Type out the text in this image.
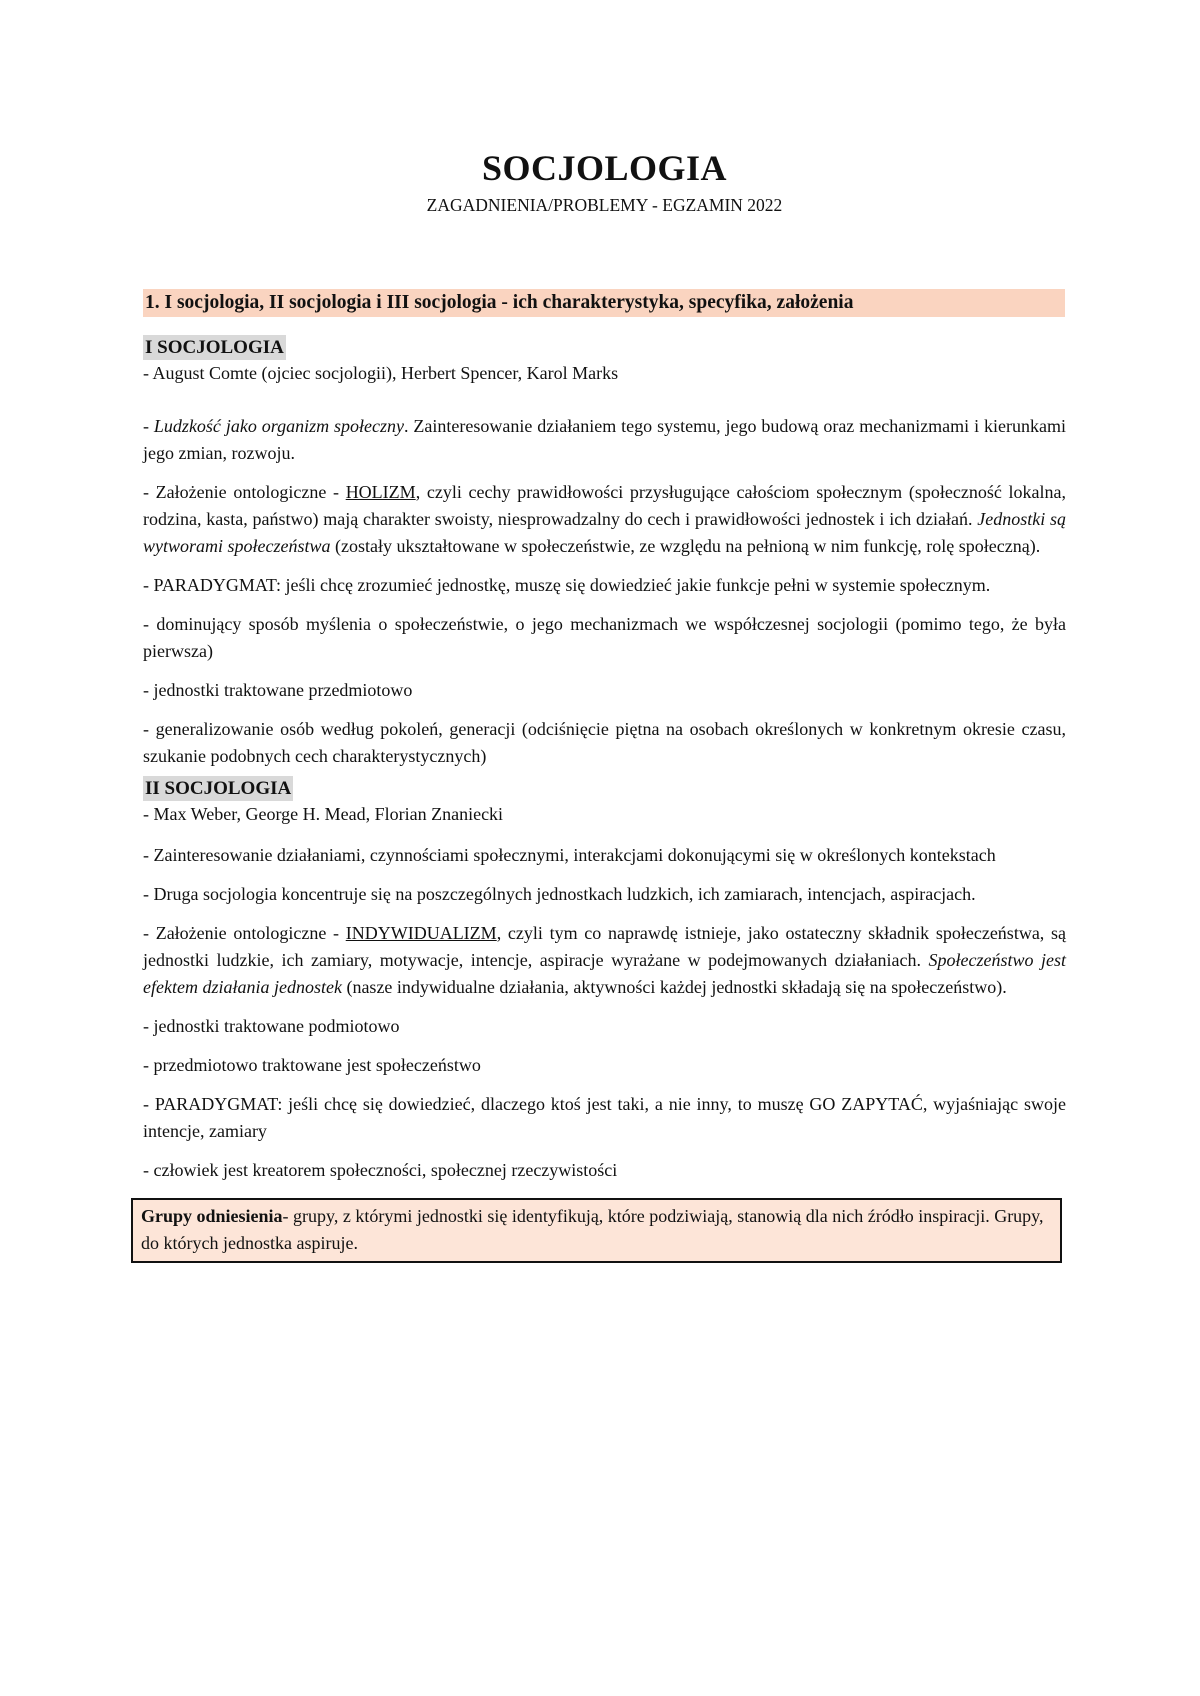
SOCJOLOGIA
ZAGADNIENIA/PROBLEMY - EGZAMIN 2022
1. I socjologia, II socjologia i III socjologia - ich charakterystyka, specyfika, założenia
I SOCJOLOGIA

- August Comte (ojciec socjologii), Herbert Spencer, Karol Marks

- Ludzkość jako organizm społeczny. Zainteresowanie działaniem tego systemu, jego budową oraz mechanizmami i kierunkami jego zmian, rozwoju.

- Założenie ontologiczne - HOLIZM, czyli cechy prawidłowości przysługujące całościom społecznym (społeczność lokalna, rodzina, kasta, państwo) mają charakter swoisty, niesprowadzalny do cech i prawidłowości jednostek i ich działań. Jednostki są wytworami społeczeństwa (zostały ukształtowane w społeczeństwie, ze względu na pełnioną w nim funkcję, rolę społeczną).

- PARADYGMAT: jeśli chcę zrozumieć jednostkę, muszę się dowiedzieć jakie funkcje pełni w systemie społecznym.

- dominujący sposób myślenia o społeczeństwie, o jego mechanizmach we współczesnej socjologii (pomimo tego, że była pierwsza)

- jednostki traktowane przedmiotowo

- generalizowanie osób według pokoleń, generacji (odciśnięcie piętna na osobach określonych w konkretnym okresie czasu, szukanie podobnych cech charakterystycznych)

II SOCJOLOGIA

- Max Weber, George H. Mead, Florian Znaniecki

- Zainteresowanie działaniami, czynnościami społecznymi, interakcjami dokonującymi się w określonych kontekstach

- Druga socjologia koncentruje się na poszczególnych jednostkach ludzkich, ich zamiarach, intencjach, aspiracjach.

- Założenie ontologiczne - INDYWIDUALIZM, czyli tym co naprawdę istnieje, jako ostateczny składnik społeczeństwa, są jednostki ludzkie, ich zamiary, motywacje, intencje, aspiracje wyrażane w podejmowanych działaniach. Społeczeństwo jest efektem działania jednostek (nasze indywidualne działania, aktywności każdej jednostki składają się na społeczeństwo).

- jednostki traktowane podmiotowo

- przedmiotowo traktowane jest społeczeństwo

- PARADYGMAT: jeśli chcę się dowiedzieć, dlaczego ktoś jest taki, a nie inny, to muszę GO ZAPYTAĆ, wyjaśniając swoje intencje, zamiary

- człowiek jest kreatorem społeczności, społecznej rzeczywistości

Grupy odniesienia- grupy, z którymi jednostki się identyfikują, które podziwiają, stanowią dla nich źródło inspiracji. Grupy, do których jednostka aspiruje.
